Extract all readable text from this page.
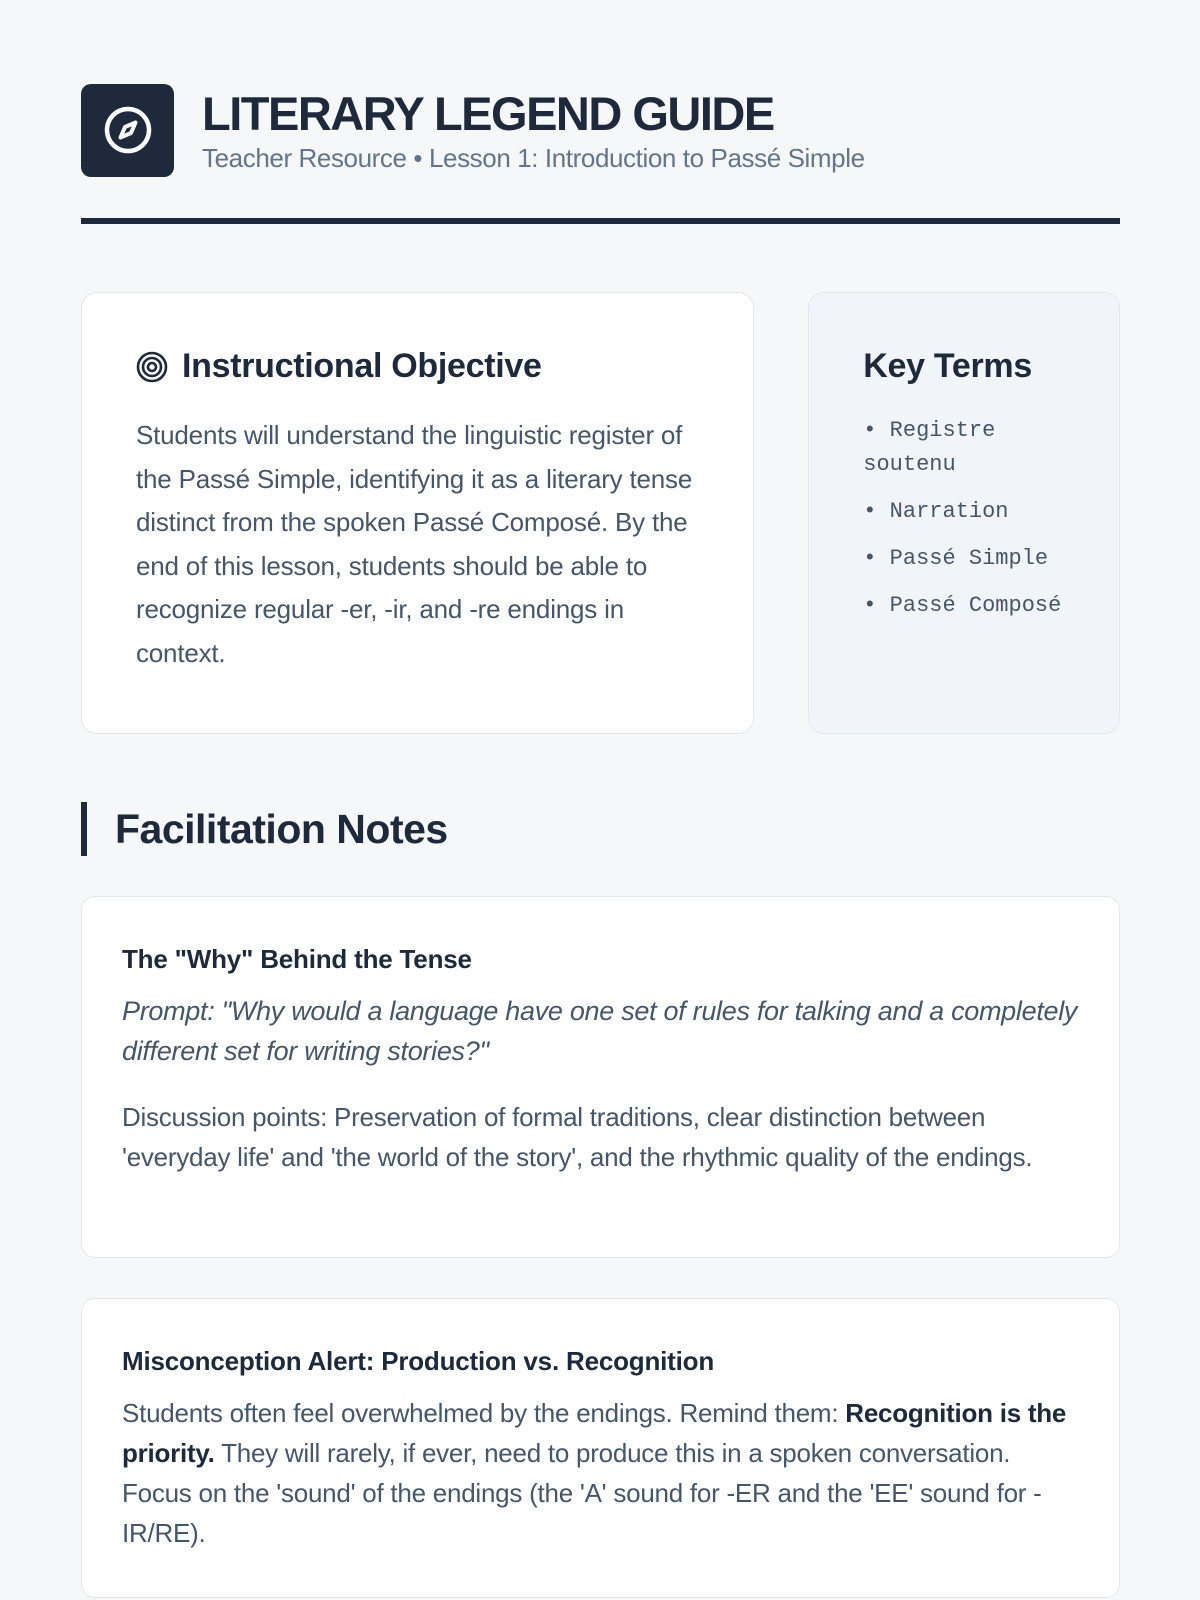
LITERARY LEGEND GUIDE
Teacher Resource • Lesson 1: Introduction to Passé Simple
Instructional Objective

Students will understand the linguistic register of the Passé Simple, identifying it as a literary tense distinct from the spoken Passé Composé. By the end of this lesson, students should be able to recognize regular -er, -ir, and -re endings in context.

Key Terms
• Registre soutenu
• Narration
• Passé Simple
• Passé Composé
Facilitation Notes
The "Why" Behind the Tense

Prompt: "Why would a language have one set of rules for talking and a completely different set for writing stories?"

Discussion points: Preservation of formal traditions, clear distinction between 'everyday life' and 'the world of the story', and the rhythmic quality of the endings.

Misconception Alert: Production vs. Recognition

Students often feel overwhelmed by the endings. Remind them: Recognition is the priority. They will rarely, if ever, need to produce this in a spoken conversation. Focus on the 'sound' of the endings (the 'A' sound for -ER and the 'EE' sound for -IR/RE).
